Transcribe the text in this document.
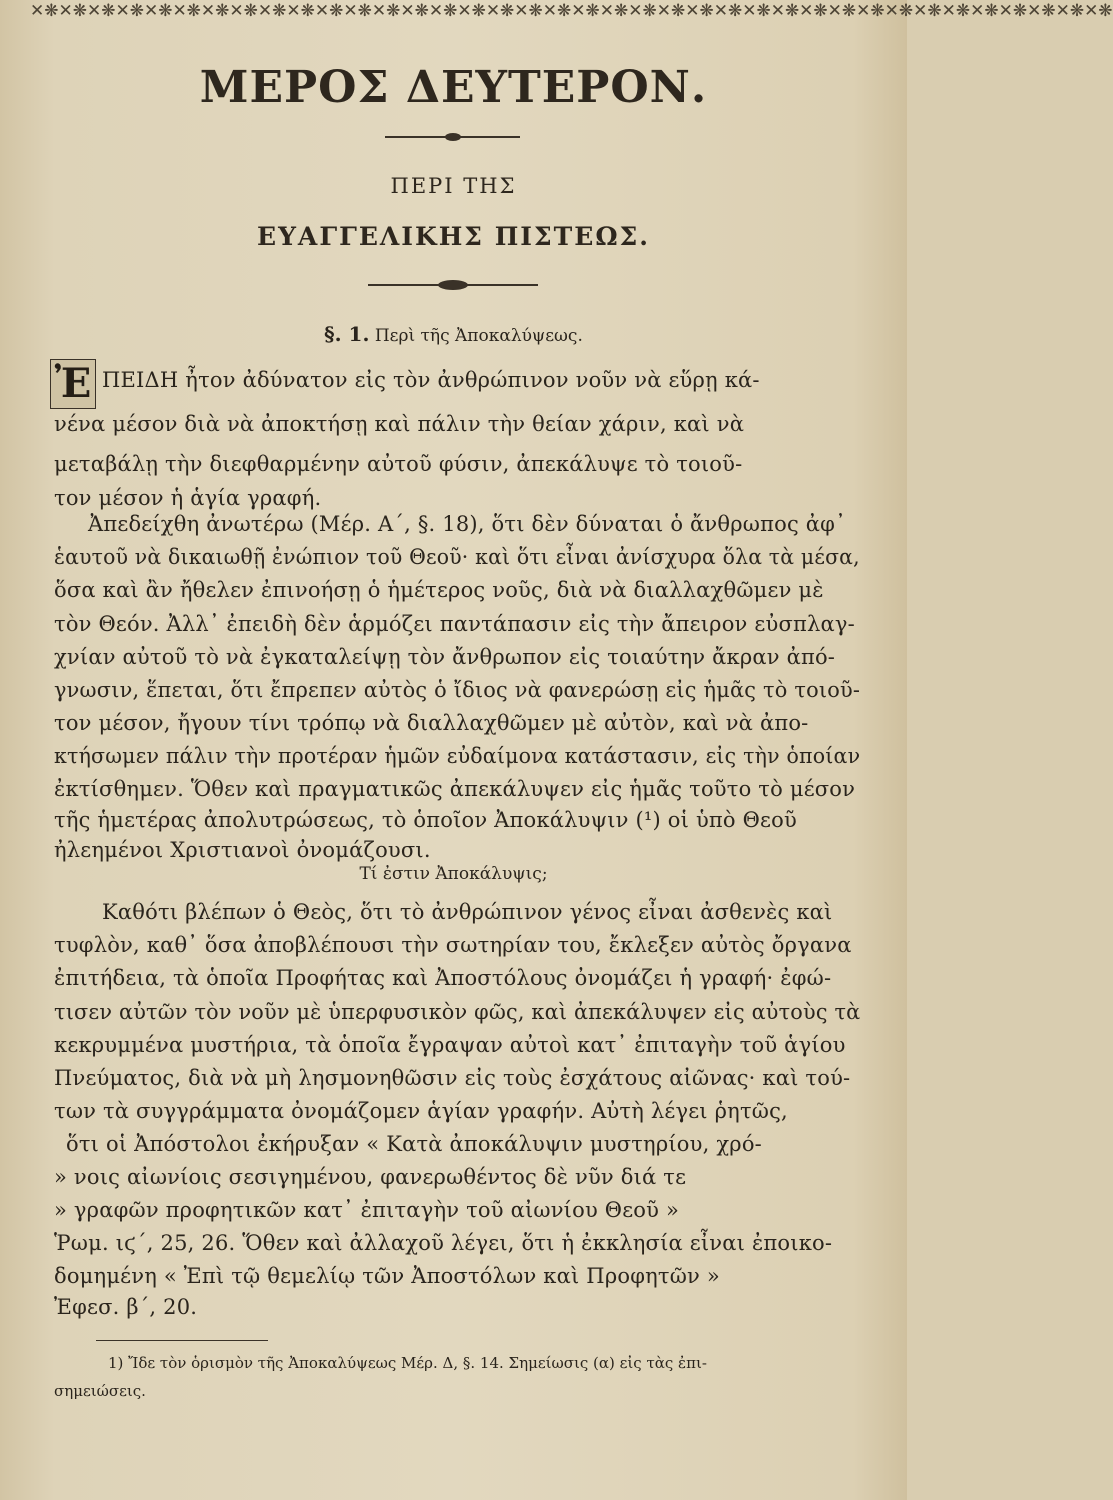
✕❋✕❋✕❋✕❋✕❋✕❋✕❋✕❋✕❋✕❋✕❋✕❋✕❋✕❋✕❋✕❋✕❋✕❋✕❋✕❋✕❋✕❋✕❋✕❋✕❋✕❋✕❋✕❋✕❋✕❋✕❋✕❋✕❋✕❋✕❋✕❋✕❋✕❋
ΜΕΡΟΣ ΔΕΥΤΕΡΟΝ.
ΠΕΡΙ ΤΗΣ
ΕΥΑΓΓΕΛΙΚΗΣ ΠΙΣΤΕΩΣ.
§. 1. Περὶ τῆς Ἀποκαλύψεως.
Ἐ ΠΕΙΔΗ ἦτον ἀδύνατον εἰς τὸν ἀνθρώπινον νοῦν νὰ εὕρῃ κά-
νένα μέσον διὰ νὰ ἀποκτήσῃ καὶ πάλιν τὴν θείαν χάριν, καὶ νὰ
μεταβάλῃ τὴν διεφθαρμένην αὐτοῦ φύσιν, ἀπεκάλυψε τὸ τοιοῦ-
τον μέσον ἡ ἁγία γραφή.
Ἀπεδείχθη ἀνωτέρω (Μέρ. Α΄, §. 18), ὅτι δὲν δύναται ὁ ἄνθρωπος ἀφ᾽
ἑαυτοῦ νὰ δικαιωθῇ ἐνώπιον τοῦ Θεοῦ· καὶ ὅτι εἶναι ἀνίσχυρα ὅλα τὰ μέσα,
ὅσα καὶ ἂν ἤθελεν ἐπινοήσῃ ὁ ἡμέτερος νοῦς, διὰ νὰ διαλλαχθῶμεν μὲ
τὸν Θεόν. Ἀλλ᾽ ἐπειδὴ δὲν ἁρμόζει παντάπασιν εἰς τὴν ἄπειρον εὐσπλαγ-
χνίαν αὐτοῦ τὸ νὰ ἐγκαταλείψῃ τὸν ἄνθρωπον εἰς τοιαύτην ἄκραν ἀπό-
γνωσιν, ἕπεται, ὅτι ἔπρεπεν αὐτὸς ὁ ἴδιος νὰ φανερώσῃ εἰς ἡμᾶς τὸ τοιοῦ-
τον μέσον, ἤγουν τίνι τρόπῳ νὰ διαλλαχθῶμεν μὲ αὐτὸν, καὶ νὰ ἀπο-
κτήσωμεν πάλιν τὴν προτέραν ἡμῶν εὐδαίμονα κατάστασιν, εἰς τὴν ὁποίαν
ἐκτίσθημεν. Ὅθεν καὶ πραγματικῶς ἀπεκάλυψεν εἰς ἡμᾶς τοῦτο τὸ μέσον
τῆς ἡμετέρας ἀπολυτρώσεως, τὸ ὁποῖον Ἀποκάλυψιν (¹) οἱ ὑπὸ Θεοῦ
ἠλεημένοι Χριστιανοὶ ὀνομάζουσι.
Τί ἐστιν Ἀποκάλυψις;
Καθότι βλέπων ὁ Θεὸς, ὅτι τὸ ἀνθρώπινον γένος εἶναι ἀσθενὲς καὶ
τυφλὸν, καθ᾽ ὅσα ἀποβλέπουσι τὴν σωτηρίαν του, ἔκλεξεν αὐτὸς ὄργανα
ἐπιτήδεια, τὰ ὁποῖα Προφήτας καὶ Ἀποστόλους ὀνομάζει ἡ γραφή· ἐφώ-
τισεν αὐτῶν τὸν νοῦν μὲ ὑπερφυσικὸν φῶς, καὶ ἀπεκάλυψεν εἰς αὐτοὺς τὰ
κεκρυμμένα μυστήρια, τὰ ὁποῖα ἔγραψαν αὐτοὶ κατ᾽ ἐπιταγὴν τοῦ ἁγίου
Πνεύματος, διὰ νὰ μὴ λησμονηθῶσιν εἰς τοὺς ἐσχάτους αἰῶνας· καὶ τού-
των τὰ συγγράμματα ὀνομάζομεν ἁγίαν γραφήν. Αὐτὴ λέγει ῥητῶς,
ὅτι οἱ Ἀπόστολοι ἐκήρυξαν « Κατὰ ἀποκάλυψιν μυστηρίου, χρό-
» νοις αἰωνίοις σεσιγημένου, φανερωθέντος δὲ νῦν διά τε
» γραφῶν προφητικῶν κατ᾽ ἐπιταγὴν τοῦ αἰωνίου Θεοῦ »
Ῥωμ. ιϛ΄, 25, 26. Ὅθεν καὶ ἀλλαχοῦ λέγει, ὅτι ἡ ἐκκλησία εἶναι ἐποικο-
δομημένη « Ἐπὶ τῷ θεμελίῳ τῶν Ἀποστόλων καὶ Προφητῶν »
Ἐφεσ. β΄, 20.
1) Ἴδε τὸν ὁρισμὸν τῆς Ἀποκαλύψεως Μέρ. Δ, §. 14. Σημείωσις (α) εἰς τὰς ἐπι-
σημειώσεις.
